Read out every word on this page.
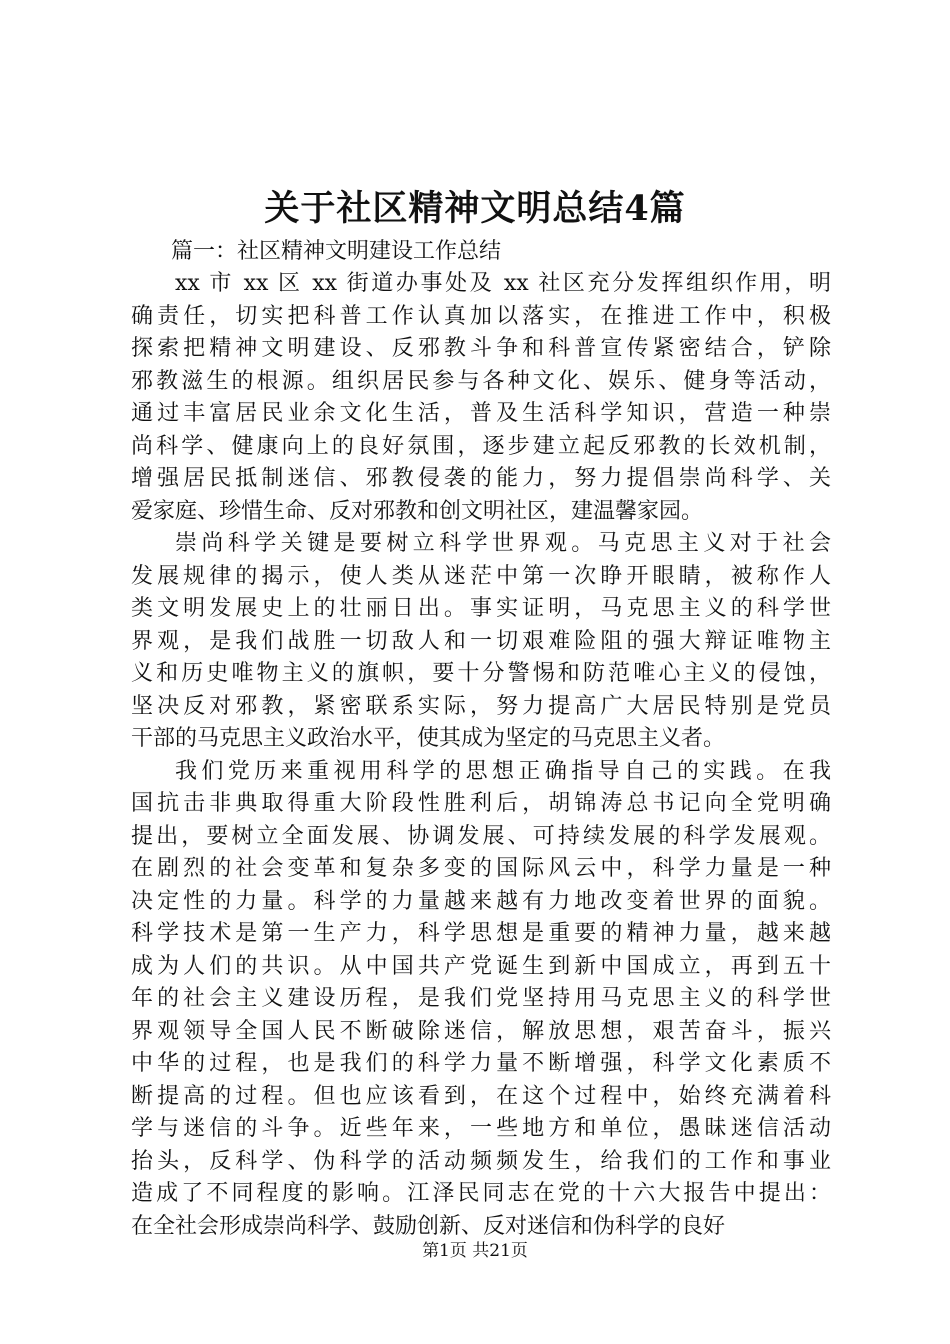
关于社区精神文明总结4篇
篇一：社区精神文明建设工作总结
xx 市 xx 区 xx 街道办事处及 xx 社区充分发挥组织作用，明
确责任，切实把科普工作认真加以落实，在推进工作中，积极
探索把精神文明建设、反邪教斗争和科普宣传紧密结合，铲除
邪教滋生的根源。组织居民参与各种文化、娱乐、健身等活动，
通过丰富居民业余文化生活，普及生活科学知识，营造一种崇
尚科学、健康向上的良好氛围，逐步建立起反邪教的长效机制，
增强居民抵制迷信、邪教侵袭的能力，努力提倡崇尚科学、关
爱家庭、珍惜生命、反对邪教和创文明社区，建温馨家园。
崇尚科学关键是要树立科学世界观。马克思主义对于社会
发展规律的揭示，使人类从迷茫中第一次睁开眼睛，被称作人
类文明发展史上的壮丽日出。事实证明，马克思主义的科学世
界观，是我们战胜一切敌人和一切艰难险阻的强大辩证唯物主
义和历史唯物主义的旗帜，要十分警惕和防范唯心主义的侵蚀，
坚决反对邪教，紧密联系实际，努力提高广大居民特别是党员
干部的马克思主义政治水平，使其成为坚定的马克思主义者。
我们党历来重视用科学的思想正确指导自己的实践。在我
国抗击非典取得重大阶段性胜利后，胡锦涛总书记向全党明确
提出，要树立全面发展、协调发展、可持续发展的科学发展观。
在剧烈的社会变革和复杂多变的国际风云中，科学力量是一种
决定性的力量。科学的力量越来越有力地改变着世界的面貌。
科学技术是第一生产力，科学思想是重要的精神力量，越来越
成为人们的共识。从中国共产党诞生到新中国成立，再到五十
年的社会主义建设历程，是我们党坚持用马克思主义的科学世
界观领导全国人民不断破除迷信，解放思想，艰苦奋斗，振兴
中华的过程，也是我们的科学力量不断增强，科学文化素质不
断提高的过程。但也应该看到，在这个过程中，始终充满着科
学与迷信的斗争。近些年来，一些地方和单位，愚昧迷信活动
抬头，反科学、伪科学的活动频频发生，给我们的工作和事业
造成了不同程度的影响。江泽民同志在党的十六大报告中提出：
在全社会形成崇尚科学、鼓励创新、反对迷信和伪科学的良好
第1页 共21页
